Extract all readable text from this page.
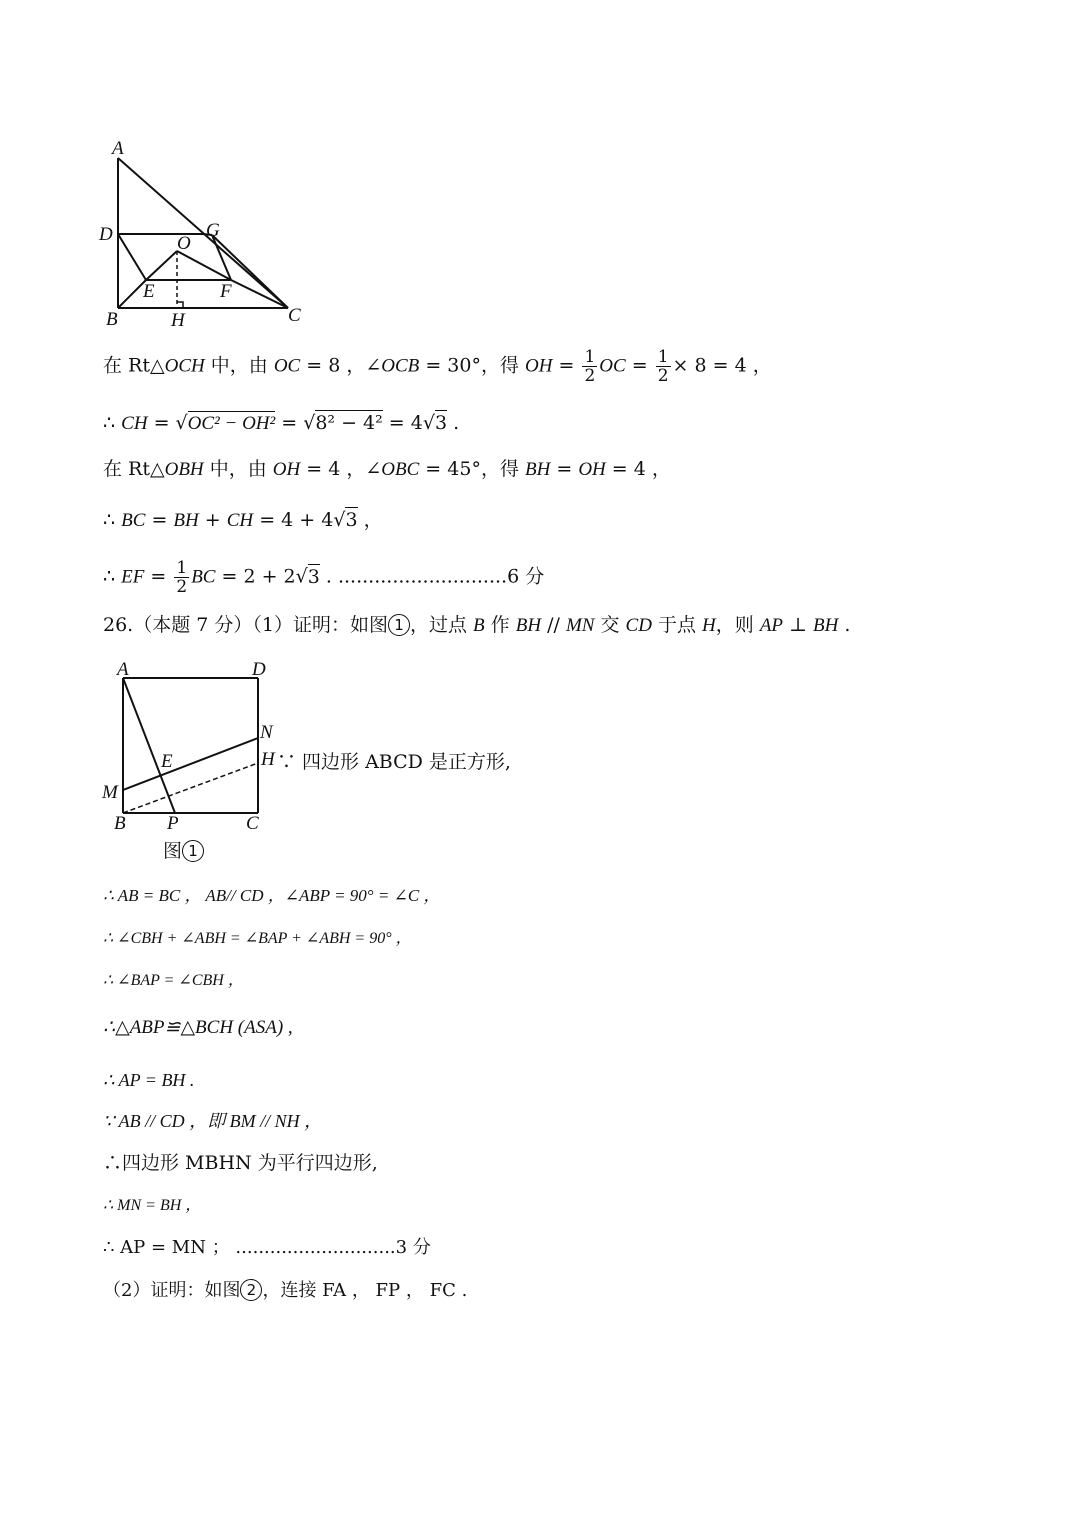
A
D	G
O
E	F
B	H	C
在 Rt△OCH 中，由 OC = 8 ，∠OCB = 30°，得 OH = $\frac{1}{2}$ OC = $\frac{1}{2} \times 8 = 4$ ，
∴ CH = √OC² − OH² = √8² − 4² = 4√3 .
在 Rt△OBH 中，由 OH = 4 ，∠OBC = 45°，得 BH = OH = 4 ，
∴ BC = BH + CH = 4 + 4√3 ，
∴ EF = $\frac{1}{2}$ BC = 2 + 2√3 . ............................6 分
26.（本题 7 分）（1）证明：如图 1 ，过点 B 作 BH // MN 交 CD 于点 H，则 AP ⊥ BH .
A	D
N
E	H ∵ 四边形 ABCD 是正方形,
M
B P	C
图 1
∴ AB = BC ， AB// CD ，∠ABP = 90° = ∠C ，
∴ ∠CBH + ∠ABH = ∠BAP + ∠ABH = 90° ，
∴ ∠BAP = ∠CBH ，
∴△ABP≌△BCH (ASA) ,
∴ AP = BH .
∵ AB // CD ，即 BM // NH ，
∴四边形 MBHN 为平行四边形,
∴ MN = BH ，
∴ AP = MN ； ............................3 分
（2）证明：如图 2 ，连接 FA ， FP ， FC .
